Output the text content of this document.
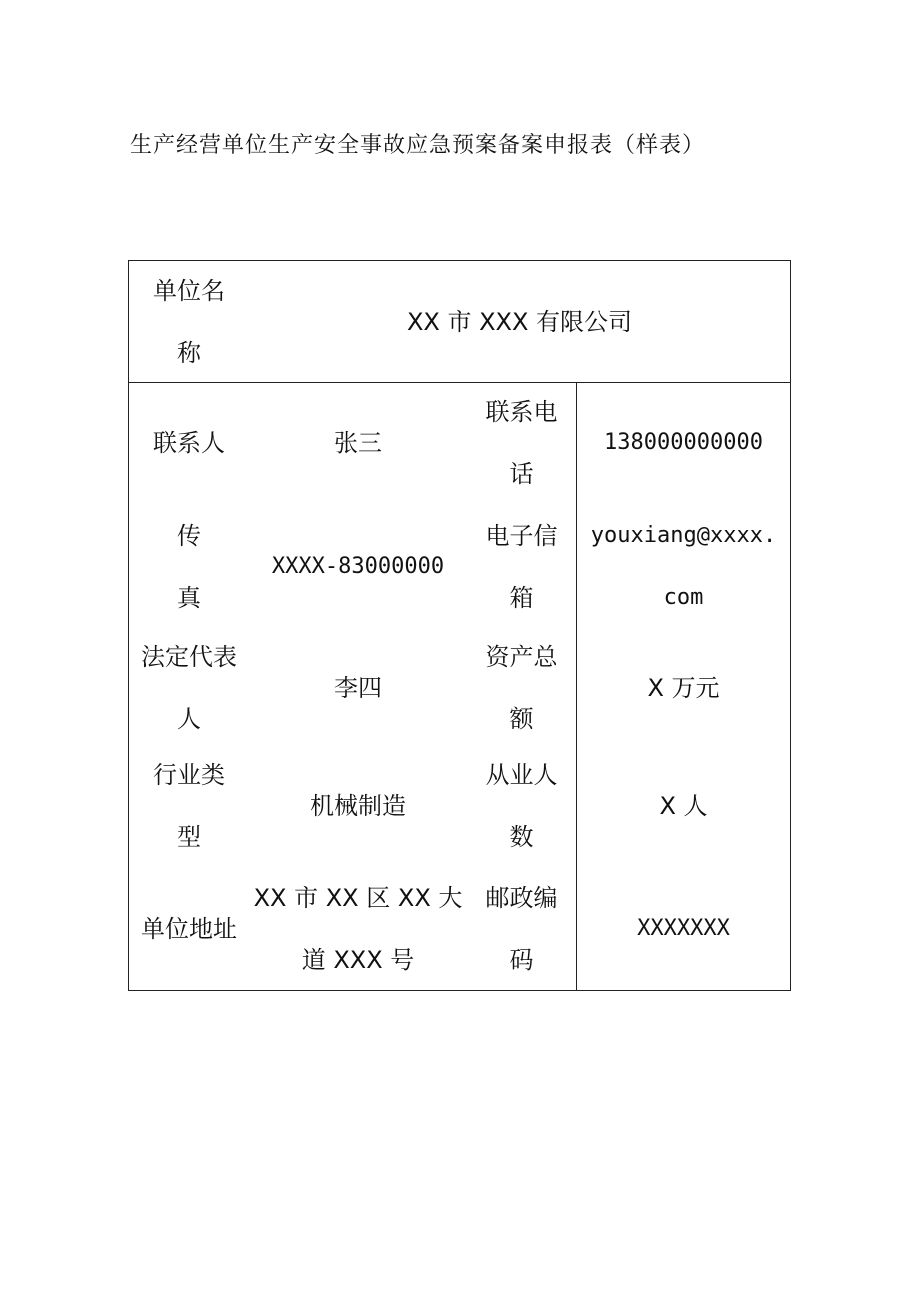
生产经营单位生产安全事故应急预案备案申报表（样表）
单位名
称
XX 市 XXX 有限公司
联系人	张三
联系电
话
138000000000
传
真
XXXX-83000000
电子信
箱
youxiang@xxxx.
com
法定代表
人
李四
资产总
额
X 万元
行业类
型
机械制造
从业人
数
X 人
单位地址
XX 市 XX 区 XX 大
道 XXX 号
邮政编
码
XXXXXXX
